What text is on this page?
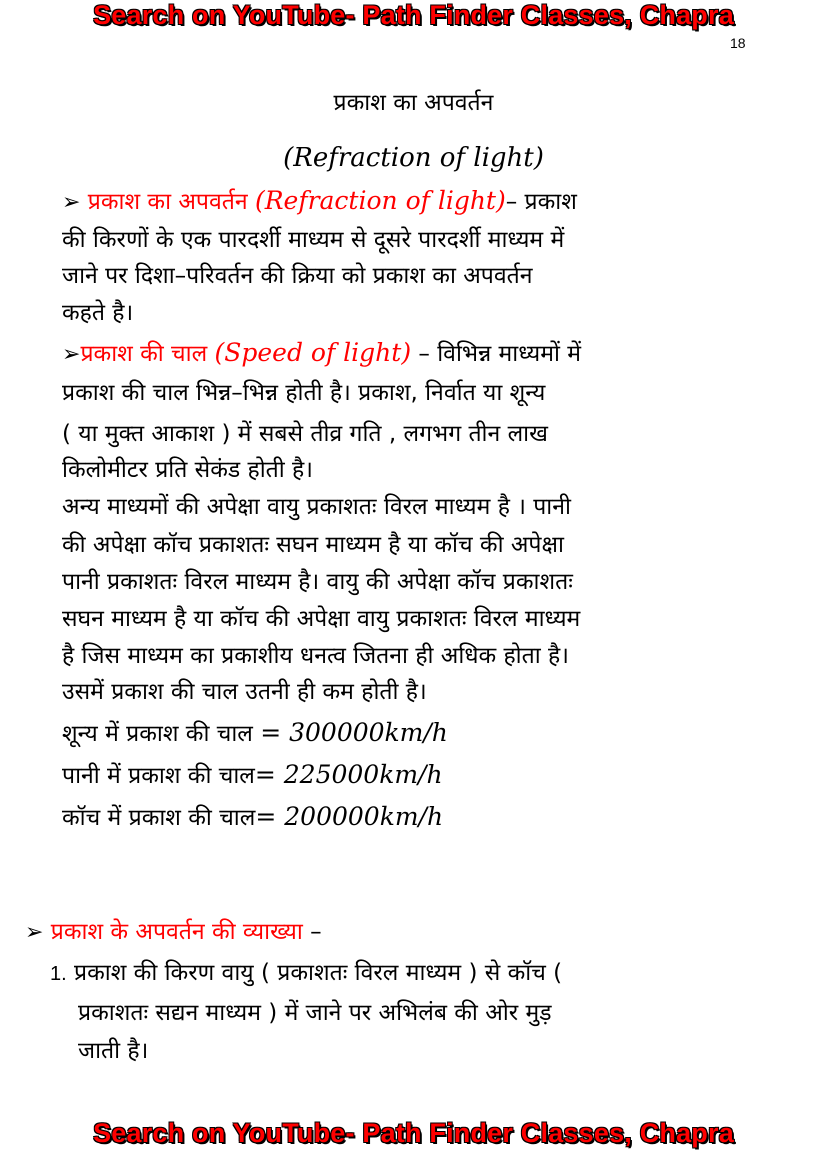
Search on YouTube- Path Finder Classes, Chapra
18
प्रकाश का अपवर्तन
(𝑅𝑒𝑓𝑟𝑎𝑐𝑡𝑖𝑜𝑛 𝑜𝑓 𝑙𝑖𝑔ℎ𝑡)
➢ प्रकाश का अपवर्तन (𝑅𝑒𝑓𝑟𝑎𝑐𝑡𝑖𝑜𝑛 𝑜𝑓 𝑙𝑖𝑔ℎ𝑡)– प्रकाश
की किरणों के एक पारदर्शी माध्यम से दूसरे पारदर्शी माध्यम में
जाने पर दिशा–परिवर्तन की क्रिया को प्रकाश का अपवर्तन
कहते है।
➢प्रकाश की चाल (𝑆𝑝𝑒𝑒𝑑 𝑜𝑓 𝑙𝑖𝑔ℎ𝑡) – विभिन्न माध्यमों में
प्रकाश की चाल भिन्न–भिन्न होती है। प्रकाश, निर्वात या शून्य
( या मुक्त आकाश ) में सबसे तीव्र गति , लगभग तीन लाख
किलोमीटर प्रति सेकंड होती है।
अन्य माध्यमों की अपेक्षा वायु प्रकाशतः विरल माध्यम है । पानी
की अपेक्षा कॉच प्रकाशतः सघन माध्यम है या कॉच की अपेक्षा
पानी प्रकाशतः विरल माध्यम है। वायु की अपेक्षा कॉच प्रकाशतः
सघन माध्यम है या कॉच की अपेक्षा वायु प्रकाशतः विरल माध्यम
है जिस माध्यम का प्रकाशीय धनत्व जितना ही अधिक होता है।
उसमें प्रकाश की चाल उतनी ही कम होती है।
शून्य में प्रकाश की चाल = 300000𝑘𝑚/ℎ
पानी में प्रकाश की चाल= 225000𝑘𝑚/ℎ
कॉच में प्रकाश की चाल= 200000𝑘𝑚/ℎ
➢ प्रकाश के अपवर्तन की व्याख्या –
1. प्रकाश की किरण वायु ( प्रकाशतः विरल माध्यम ) से कॉच (
प्रकाशतः सद्यन माध्यम ) में जाने पर अभिलंब की ओर मुड़
जाती है।
Search on YouTube- Path Finder Classes, Chapra
